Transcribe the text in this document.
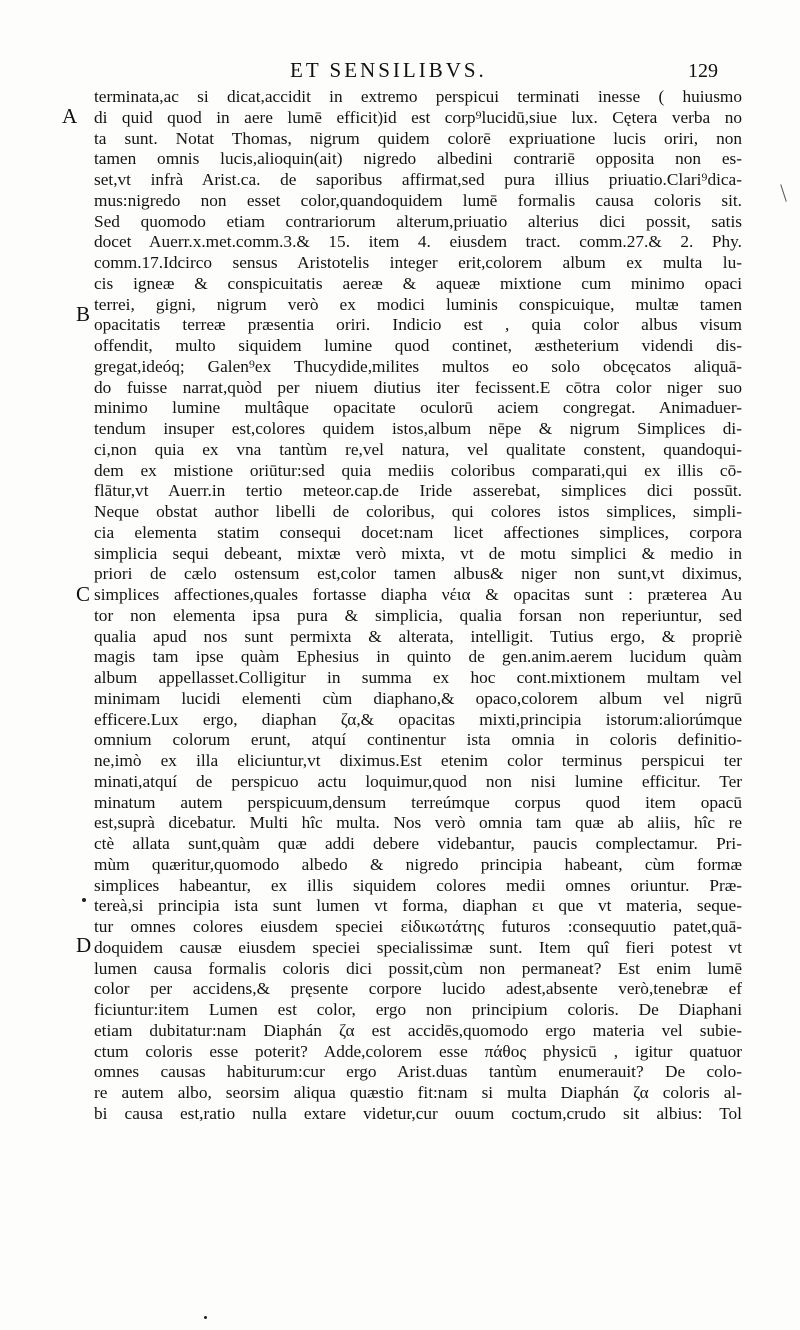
ET SENSILIBVS.	129
A
B
C
D
terminata,ac si dicat,accidit in extremo perspicui terminati inesse ( huiusmo
di quid quod in aere lumē efficit)id est corp⁹lucidū,siue lux. Cętera verba no
ta sunt. Notat Thomas, nigrum quidem colorē expriuatione lucis oriri, non
tamen omnis lucis,alioquin(ait) nigredo albedini contrariē opposita non es-
set,vt infrà Arist.ca. de saporibus affirmat,sed pura illius priuatio.Clari⁹dica-
mus:nigredo non esset color,quandoquidem lumē formalis causa coloris sit.
Sed quomodo etiam contrariorum alterum,priuatio alterius dici possit, satis
docet Auerr.x.met.comm.3.& 15. item 4. eiusdem tract. comm.27.& 2. Phy.
comm.17.Idcirco sensus Aristotelis integer erit,colorem album ex multa lu-
cis igneæ & conspicuitatis aereæ & aqueæ mixtione cum minimo opaci
terrei, gigni, nigrum verò ex modici luminis conspicuique, multæ tamen
opacitatis terreæ præsentia oriri. Indicio est , quia color albus visum
offendit, multo siquidem lumine quod continet, æstheterium videndi dis-
gregat,ideóq; Galen⁹ex Thucydide,milites multos eo solo obcęcatos aliquā-
do fuisse narrat,quòd per niuem diutius iter fecissent.E cōtra color niger suo
minimo lumine multâque opacitate oculorū aciem congregat. Animaduer-
tendum insuper est,colores quidem istos,album nēpe & nigrum Simplices di-
ci,non quia ex vna tantùm re,vel natura, vel qualitate constent, quandoqui-
dem ex mistione oriūtur:sed quia mediis coloribus comparati,qui ex illis cō-
flātur,vt Auerr.in tertio meteor.cap.de Iride asserebat, simplices dici possūt.
Neque obstat author libelli de coloribus, qui colores istos simplices, simpli-
cia elementa statim consequi docet:nam licet affectiones simplices, corpora
simplicia sequi debeant, mixtæ verò mixta, vt de motu simplici & medio in
priori de cælo ostensum est,color tamen albus& niger non sunt,vt diximus,
simplices affectiones,quales fortasse diapha νέια & opacitas sunt : præterea Au
tor non elementa ipsa pura & simplicia, qualia forsan non reperiuntur, sed
qualia apud nos sunt permixta & alterata, intelligit. Tutius ergo, & propriè
magis tam ipse quàm Ephesius in quinto de gen.anim.aerem lucidum quàm
album appellasset.Colligitur in summa ex hoc cont.mixtionem multam vel
minimam lucidi elementi cùm diaphano,& opaco,colorem album vel nigrū
efficere.Lux ergo, diaphan ζα,& opacitas mixti,principia istorum:aliorúmque
omnium colorum erunt, atquí continentur ista omnia in coloris definitio-
ne,imò ex illa eliciuntur,vt diximus.Est etenim color terminus perspicui ter
minati,atquí de perspicuo actu loquimur,quod non nisi lumine efficitur. Ter
minatum autem perspicuum,densum terreúmque corpus quod item opacū
est,suprà dicebatur. Multi hîc multa. Nos verò omnia tam quæ ab aliis, hîc re
ctè allata sunt,quàm quæ addi debere videbantur, paucis complectamur. Pri-
mùm quæritur,quomodo albedo & nigredo principia habeant, cùm formæ
simplices habeantur, ex illis siquidem colores medii omnes oriuntur. Præ-
tereà,si principia ista sunt lumen vt forma, diaphan ει que vt materia, seque-
tur omnes colores eiusdem speciei εἰδικωτάτης futuros :consequutio patet,quā-
doquidem causæ eiusdem speciei specialissimæ sunt. Item quî fieri potest vt
lumen causa formalis coloris dici possit,cùm non permaneat? Est enim lumē
color per accidens,& pręsente corpore lucido adest,absente verò,tenebræ ef
ficiuntur:item Lumen est color, ergo non principium coloris. De Diaphani
etiam dubitatur:nam Diaphán ζα est accidēs,quomodo ergo materia vel subie-
ctum coloris esse poterit? Adde,colorem esse πάθος physicū , igitur quatuor
omnes causas habiturum:cur ergo Arist.duas tantùm enumerauit? De colo-
re autem albo, seorsim aliqua quæstio fit:nam si multa Diaphán ζα coloris al-
bi causa est,ratio nulla extare videtur,cur ouum coctum,crudo sit albius: Tol
